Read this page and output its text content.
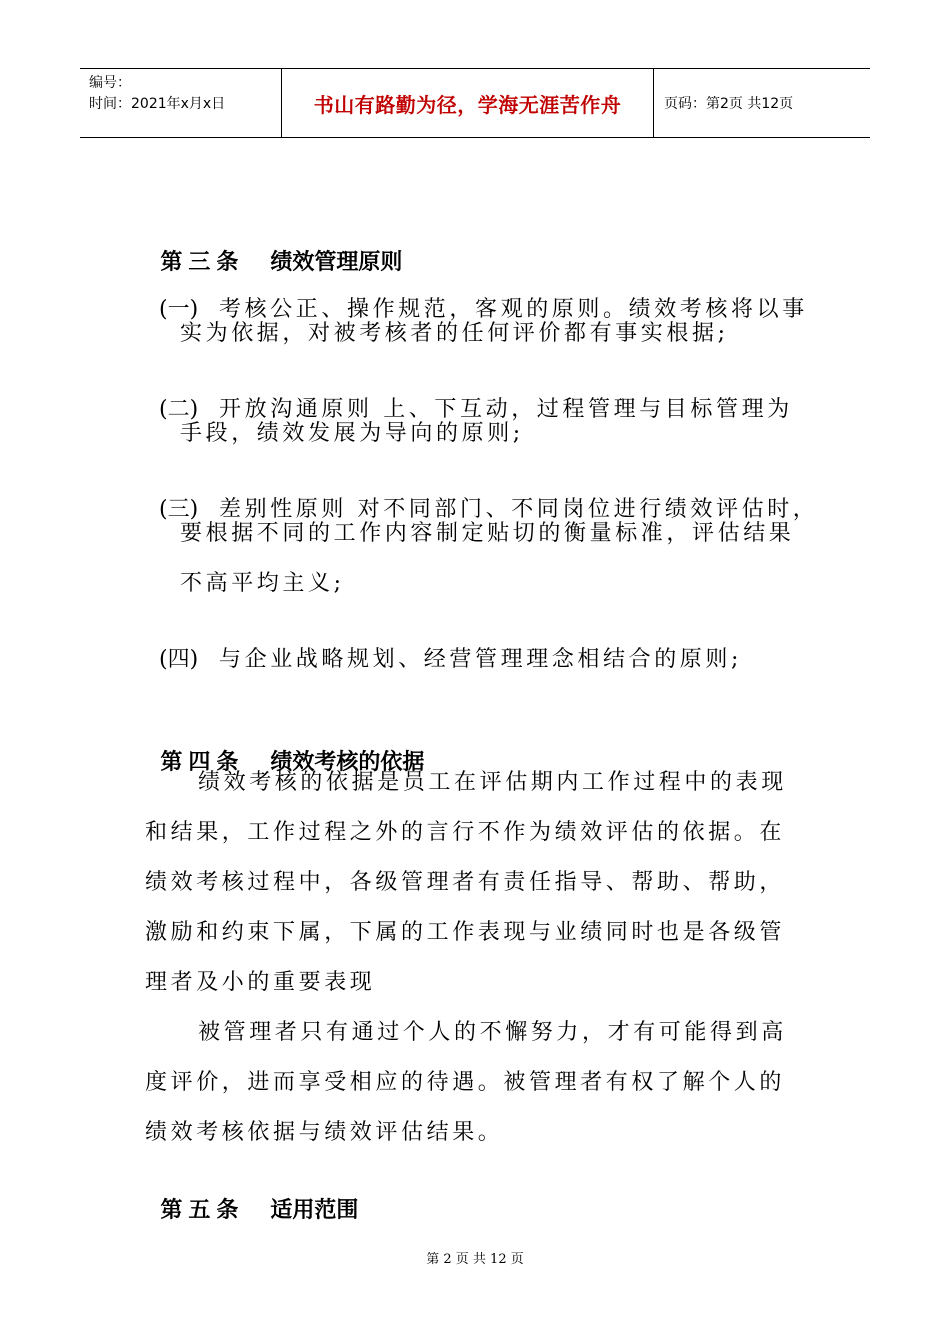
编号：
时间：2021年x月x日	书山有路勤为径，学海无涯苦作舟	页码：第2页 共12页

第三条 绩效管理原则

(一) 考核公正、操作规范，客观的原则。绩效考核将以事

实为依据，对被考核者的任何评价都有事实根据;

(二) 开放沟通原则 上、下互动，过程管理与目标管理为

手段，绩效发展为导向的原则;

(三) 差别性原则 对不同部门、不同岗位进行绩效评估时，

要根据不同的工作内容制定贴切的衡量标准，评估结果
不高平均主义;

(四) 与企业战略规划、经营管理理念相结合的原则;

第四条 绩效考核的依据

绩效考核的依据是员工在评估期内工作过程中的表现
和结果，工作过程之外的言行不作为绩效评估的依据。在
绩效考核过程中，各级管理者有责任指导、帮助、帮助，
激励和约束下属，下属的工作表现与业绩同时也是各级管
理者及小的重要表现
被管理者只有通过个人的不懈努力，才有可能得到高
度评价，进而享受相应的待遇。被管理者有权了解个人的
绩效考核依据与绩效评估结果。

第五条 适用范围

第 2 页 共 12 页
